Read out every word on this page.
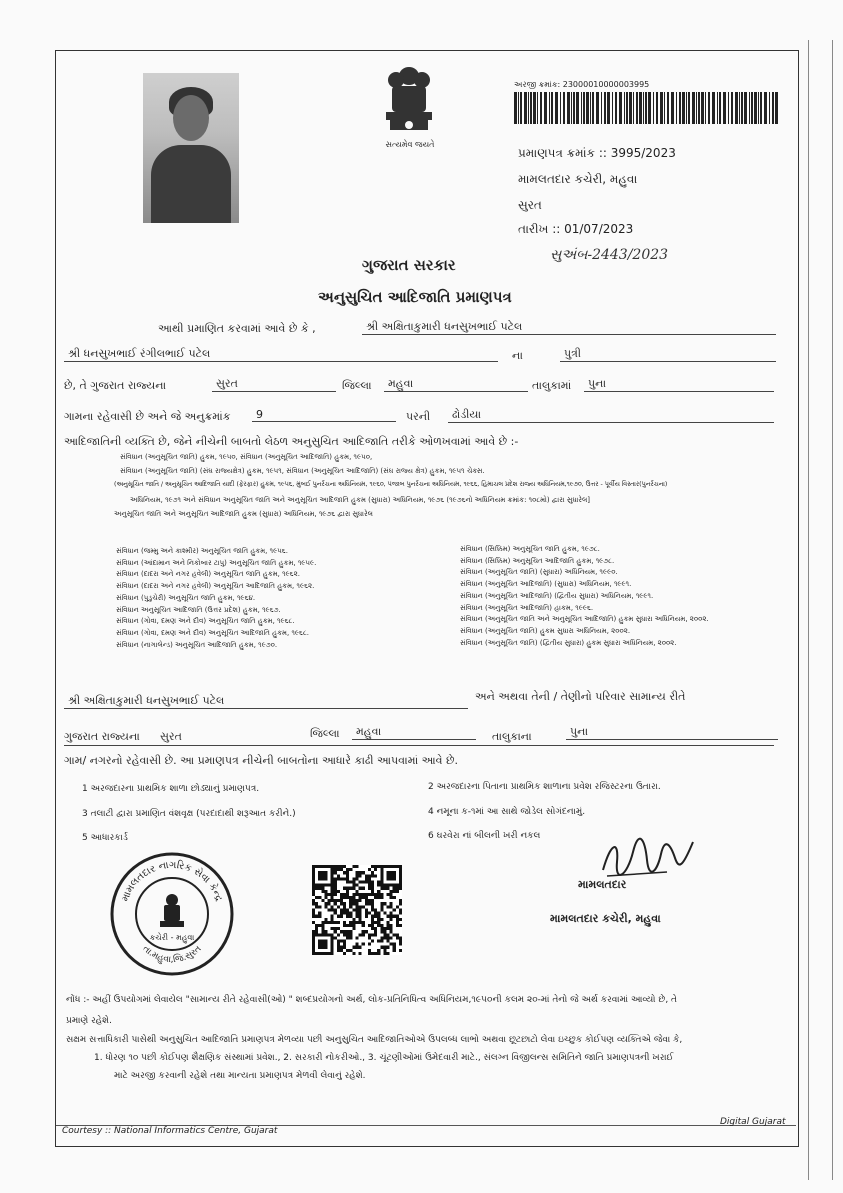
સત્યમેવ જયતે
અરજી ક્રમાંક: 23000010000003995
પ્રમાણપત્ર ક્રમાંક :: 3995/2023
મામલતદાર કચેરી, મહુવા
સુરત
તારીખ :: 01/07/2023
સુઅંબ-2443/2023
ગુજરાત સરકાર
અનુસુચિત આદિજાતિ પ્રમાણપત્ર
આથી પ્રમાણિત કરવામાં આવે છે કે ,	શ્રી અક્ષિતાકુમારી ધનસુખભાઈ પટેલ
શ્રી ધનસુખભાઈ રંગીલભાઈ પટેલ	ના	પુત્રી
છે, તે ગુજરાત રાજ્યના	સુરત	જિલ્લા	મહુવા	તાલુકામાં	પુના
ગામના રહેવાસી છે અને જે અનુક્રમાંક	9	પરની	ઢોડીયા
આદિજાતિની વ્યક્તિ છે, જેને નીચેની બાબતો લેઠળ અનુસુચિત આદિજાતિ તરીકે ઓળખવામાં આવે છે :-
સંવિધાન (અનુસૂચિત જાતિ) હુકમ, ૧૯૫૦, સંવિધાન (અનુસૂચિત આદિજાતિ) હુકમ, ૧૯૫૦,
સંવિધાન (અનુસૂચિત જાતિ) (સંઘ રાજ્યક્ષેત્ર) હુકમ, ૧૯૫૧, સંવિધાન (અનુસૂચિત આદિજાતિ) (સંઘ રાજ્ય ક્ષેત્ર) હુકમ, ૧૯૫૧ ચેક્સ.
(અનુસૂચિત જાતિ / અનુસૂચિત આદિજાતિ યાદી (ફેરફાર) હુકમ, ૧૯૫૬, મુંબઈ પુનર્રચના અધિનિયમ, ૧૯૬૦, પંજાબ પુનર્રચના અધિનિયમ, ૧૯૬૬, હિમાચલ પ્રદેશ રાજ્ય અધિનિયમ,૧૯૭૦, ઉત્તર - પૂર્વીય વિસ્તાર(પુનર્રચના)
અધિનિયમ, ૧૯૭૧ અને સંવિધાન અનુસૂચિત જાતિ અને અનુસૂચિત આદિજાતિ હુકમ (સુધારા) અધિનિયમ, ૧૯૭૬ (૧૯૭૬નો અધિનિયમ ક્રમાંક: ૧૦૮મો) દ્વારા સુધારેલ]
અનુસૂચિત જાતિ અને અનુસૂચિત આદિજાતિ હુકમ (સુધારા) અધિનિયમ, ૧૯૭૬ દ્વારા સુધારેલ
સંવિધાન (જમ્મુ અને કાશ્મીર) અનુસૂચિત જાતિ હુકમ, ૧૯૫૬.
સંવિધાન (આંદામાન અને નિકોબાર ટાપુ) અનુસૂચિત જાતિ હુકમ, ૧૯૫૯.
સંવિધાન (દાદરા અને નગર હવેલી) અનુસૂચિત જાતિ હુકમ, ૧૯૬૨.
સંવિધાન (દાદરા અને નગર હવેલી) અનુસૂચિત આદિજાતિ હુકમ, ૧૯૬૨.
સંવિધાન (પુડુચેરી) અનુસૂચિત જાતિ હુકમ, ૧૯૬૪.
સંવિધાન અનુસૂચિત આદિજાતિ (ઉત્તર પ્રદેશ) હુકમ, ૧૯૬૭.
સંવિધાન (ગોવા, દમણ અને દીવ) અનુસૂચિત જાતિ હુકમ, ૧૯૬૮.
સંવિધાન (ગોવા, દમણ અને દીવ) અનુસૂચિત આદિજાતિ હુકમ, ૧૯૬૮.
સંવિધાન (નાગાલેન્ડ) અનુસૂચિત આદિજાતિ હુકમ, ૧૯૭૦.
સંવિધાન (સિક્કિમ) અનુસૂચિત જાતિ હુકમ, ૧૯૭૮.
સંવિધાન (સિક્કિમ) અનુસૂચિત આદિજાતિ હુકમ, ૧૯૭૮.
સંવિધાન (અનુસૂચિત જાતિ) (સુધારા) અધિનિયમ, ૧૯૯૦.
સંવિધાન (અનુસૂચિત આદિજાતિ) (સુધારા) અધિનિયમ, ૧૯૯૧.
સંવિધાન (અનુસૂચિત આદિજાતિ) (દ્વિતીય સુધારા) અધિનિયમ, ૧૯૯૧.
સંવિધાન (અનુસૂચિત આદિજાતિ) હાકમ, ૧૯૯૬.
સંવિધાન (અનુસૂચિત જાતિ અને અનુસૂચિત આદિજાતિ) હુકમ સુધારા અધિનિયમ, ૨૦૦૨.
સંવિધાન (અનુસૂચિત જાતિ) હુકમ સુધારા અધિનિયમ, ૨૦૦૨.
સંવિધાન (અનુસૂચિત જાતિ) (દ્વિતીય સુધારા) હુકમ સુધારા અધિનિયમ, ૨૦૦૨.
શ્રી અક્ષિતાકુમારી ધનસુખભાઈ પટેલ	અને અથવા તેની / તેણીનો પરિવાર સામાન્ય રીતે
ગુજરાત રાજ્યના સુરત	જિલ્લા	મહુવા	તાલુકાના	પુના
ગામ/ નગરનો રહેવાસી છે. આ પ્રમાણપત્ર નીચેની બાબતોના આધારે કાઢી આપવામાં આવે છે.
1 અરજદારના પ્રાથમિક શાળા છોડ્યાનું પ્રમાણપત્ર.	2 અરજદારના પિતાના પ્રાથમિક શાળાના પ્રવેશ રજિસ્ટરના ઉતારા.
3 તલાટી દ્વારા પ્રમાણિત વંશવૃક્ષ (પરદાદાથી શરૂઆત કરીને.)	4 નમૂના ક-૧માં આ સાથે જોડેલ સોગંદનામું.
5 આધારકાર્ડ	6 ઘરવેરા નાં બીલની ખરી નકલ
મામલતદાર નાગરિક સેવા કેન્દ્ર
તા.મહુવા,જિ.સુરત
કચેરી - મહુવા
મામલતદાર
મામલતદાર કચેરી, મહુવા
નોંધ :- અહીં ઉપયોગમાં લેવાયેલ "સામાન્ય રીતે રહેવાસી(ઓ) " શબ્દપ્રયોગનો અર્થ, લોક-પ્રતિનિધિત્વ અધિનિયમ,૧૯૫૦ની કલમ ૨૦-માં તેનો જે અર્થ કરવામાં આવ્યો છે, તે
પ્રમાણે રહેશે.
સક્ષમ સત્તાધિકારી પાસેથી અનુસુચિત આદિજાતિ પ્રમાણપત્ર મેળવ્યા પછી અનુસુચિત આદિજાતિઓએ ઉપલબ્ધ લાભો અથવા છૂટછાટો લેવા ઇચ્છુક કોઈપણ વ્યક્તિએ જેવા કે,
1. ધોરણ ૧૦ પછી કોઈપણ શૈક્ષણિક સંસ્થામાં પ્રવેશ., 2. સરકારી નોકરીઓ., 3. ચૂંટણીઓમાં ઉમેદવારી માટે., સંલગ્ન વિજીલન્સ સમિતિને જાતિ પ્રમાણપત્રની ખરાઈ
માટે અરજી કરવાની રહેશે તથા માન્યતા પ્રમાણપત્ર મેળવી લેવાનું રહેશે.
Courtesy :: National Informatics Centre, Gujarat
Digital Gujarat
